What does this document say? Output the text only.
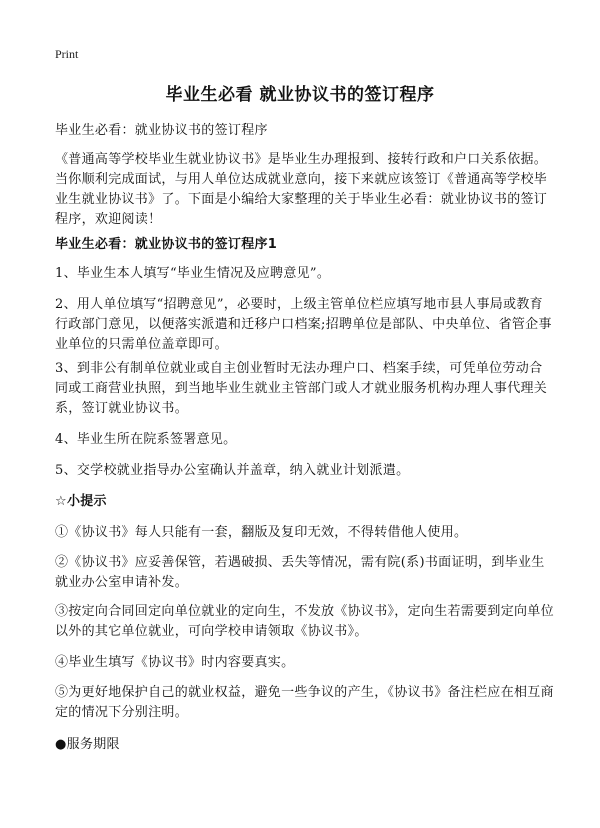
Print
毕业生必看 就业协议书的签订程序
毕业生必看：就业协议书的签订程序
《普通高等学校毕业生就业协议书》是毕业生办理报到、接转行政和户口关系依据。当你顺利完成面试，与用人单位达成就业意向，接下来就应该签订《普通高等学校毕业生就业协议书》了。下面是小编给大家整理的关于毕业生必看：就业协议书的签订程序，欢迎阅读！
毕业生必看：就业协议书的签订程序1
1、毕业生本人填写“毕业生情况及应聘意见”。
2、用人单位填写“招聘意见”，必要时，上级主管单位栏应填写地市县人事局或教育行政部门意见，以便落实派遣和迁移户口档案;招聘单位是部队、中央单位、省管企事业单位的只需单位盖章即可。
3、到非公有制单位就业或自主创业暂时无法办理户口、档案手续，可凭单位劳动合同或工商营业执照，到当地毕业生就业主管部门或人才就业服务机构办理人事代理关系，签订就业协议书。
4、毕业生所在院系签署意见。
5、交学校就业指导办公室确认并盖章，纳入就业计划派遣。
☆小提示
①《协议书》每人只能有一套，翻版及复印无效，不得转借他人使用。
②《协议书》应妥善保管，若遇破损、丢失等情况，需有院(系)书面证明，到毕业生就业办公室申请补发。
③按定向合同回定向单位就业的定向生，不发放《协议书》，定向生若需要到定向单位以外的其它单位就业，可向学校申请领取《协议书》。
④毕业生填写《协议书》时内容要真实。
⑤为更好地保护自己的就业权益，避免一些争议的产生，《协议书》备注栏应在相互商定的情况下分别注明。
●服务期限
